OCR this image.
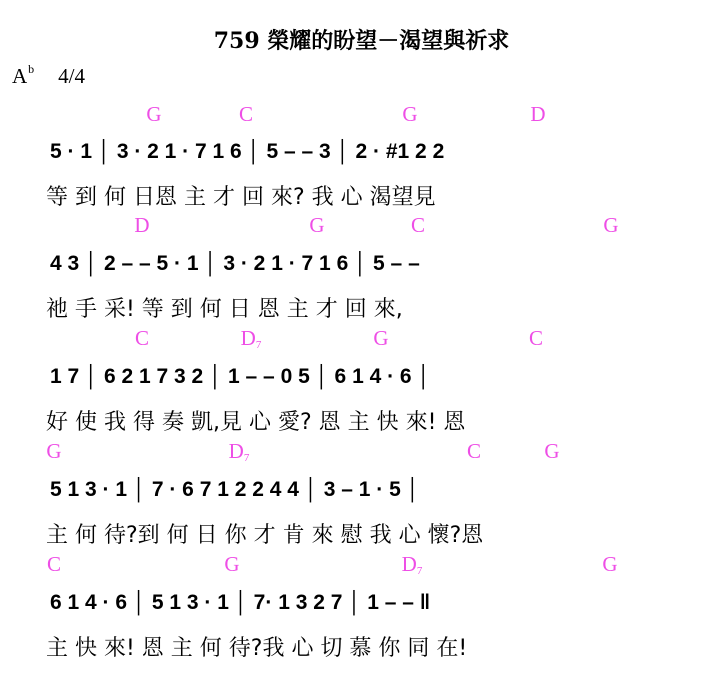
759 榮耀的盼望－渴望與祈求
$A^b$ 4/4
G	C	G	D
5 · 1 │ 3 · 2 1 · 7 1 6 │ 5 – – 3 │ 2 · #1 2 2
等 到 何 日恩 主 才 回 來? 我 心 渴望見
D	G	C	G
4 3 │ 2 – – 5 · 1 │ 3 · 2 1 · 7 1 6 │ 5 – –
祂 手 采! 等 到 何 日 恩 主 才 回 來,
C	$D_7$	G	C
1 7 │ 6 2 1 7 3 2 │ 1 – – 0 5 │ 6 1 4 · 6 │
好 使 我 得 奏 凱,見 心 愛? 恩 主 快 來! 恩
G	$D_7$	C	G
5 1 3 · 1 │ 7 · 6 7 1 2 2 4 4 │ 3 – 1 · 5 │
主 何 待?到 何 日 你 才 肯 來 慰 我 心 懷?恩
C	G	$D_7$	G
6 1 4 · 6 │ 5 1 3 · 1 │ 7· 1 3 2 7 │ 1 – – ‖
主 快 來! 恩 主 何 待?我 心 切 慕 你 同 在!
